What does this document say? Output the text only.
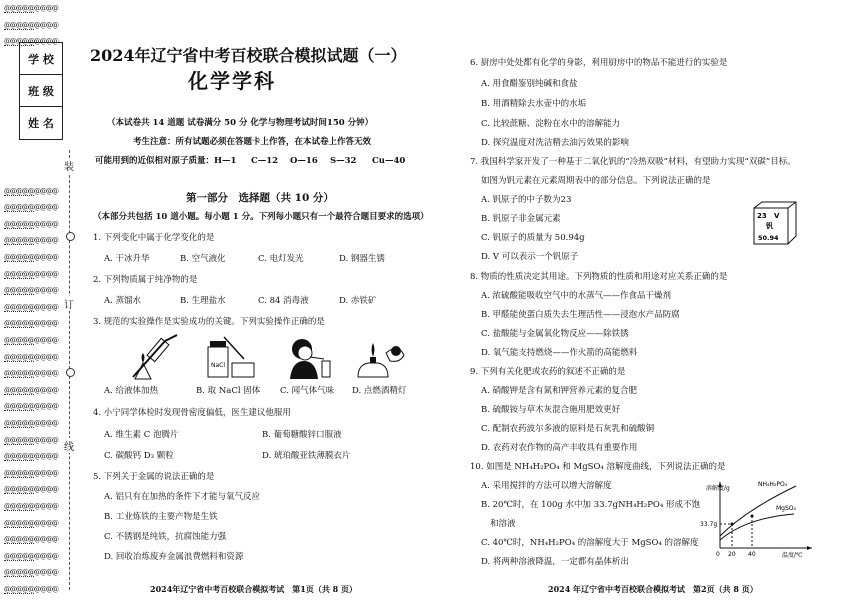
@@@@@@@@@
@@@@@@@@@
@@@@@@@@@
@@@@@@@@@
@@@@@@@@@
@@@@@@@@@
@@@@@@@@@
@@@@@@@@@
@@@@@@@@@
@@@@@@@@@
@@@@@@@@@
@@@@@@@@@
@@@@@@@@@
@@@@@@@@@
@@@@@@@@@
@@@@@@@@@
@@@@@@@@@
@@@@@@@@@
@@@@@@@@@
@@@@@@@@@
@@@@@@@@@
@@@@@@@@@
@@@@@@@@@
@@@@@@@@@
@@@@@@@@@
@@@@@@@@@
@@@@@@@@@
@@@@@@@@@
学 校
班 级
姓 名
装
订
线
2024年辽宁省中考百校联合模拟试题（一）
化学学科
（本试卷共 14 道题 试卷满分 50 分 化学与物理考试时间150 分钟）
考生注意：所有试题必须在答题卡上作答，在本试卷上作答无效
可能用到的近似相对原子质量：H—1 C—12 O—16 S—32 Cu—40
第一部分　选择题（共 10 分）
（本部分共包括 10 道小题。每小题 1 分。下列每小题只有一个最符合题目要求的选项）
1. 下列变化中属于化学变化的是
A. 干冰升华	B. 空气液化	C. 电灯发光	D. 钢器生锈
2. 下列物质属于纯净物的是
A. 蒸馏水	B. 生理盐水	C. 84 消毒液	D. 赤铁矿
3. 规范的实验操作是实验成功的关键。下列实验操作正确的是
NaCl
A. 给液体加热	B. 取 NaCl 固体 C. 闻气体气味 D. 点燃酒精灯
4. 小宁同学体检时发现骨密度偏低，医生建议他服用
A. 维生素 C 泡腾片	B. 葡萄糖酸锌口服液
C. 碳酸钙 D₃ 颗粒	D. 琥珀酸亚铁薄膜衣片
5. 下列关于金属的说法正确的是
A. 铝只有在加热的条件下才能与氧气反应
B. 工业炼铁的主要产物是生铁
C. 不锈钢是纯铁，抗腐蚀能力强
D. 回收冶炼废弃金属浪费燃料和资源
2024年辽宁省中考百校联合模拟考试　第1页（共 8 页）
6. 厨房中处处都有化学的身影，利用厨房中的物品不能进行的实验是
A. 用食醋鉴别纯碱和食盐
B. 用酒精除去水壶中的水垢
C. 比较蔗糖、淀粉在水中的溶解能力
D. 探究温度对洗洁精去油污效果的影响
7. 我国科学家开发了一种基于二氧化钒的“冷热双吸”材料，有望助力实现“双碳”目标。
如图为钒元素在元素周期表中的部分信息。下列说法正确的是
A. 钒原子的中子数为23
B. 钒原子非金属元素
C. 钒原子的质量为 50.94g
D. V 可以表示一个钒原子
23 V
钒
50.94
8. 物质的性质决定其用途。下列物质的性质和用途对应关系正确的是
A. 浓硫酸能吸收空气中的水蒸气——作食品干燥剂
B. 甲醛能使蛋白质失去生理活性——浸泡水产品防腐
C. 盐酸能与金属氧化物反应——除铁锈
D. 氧气能支持燃烧——作火箭的高能燃料
9. 下列有关化肥或农药的叙述不正确的是
A. 硝酸钾是含有氮和钾营养元素的复合肥
B. 硫酸铵与草木灰混合施用肥效更好
C. 配制农药波尔多液的原料是石灰乳和硫酸铜
D. 农药对农作物的高产丰收具有重要作用
10. 如图是 NH₄H₂PO₄ 和 MgSO₄ 溶解度曲线，下列说法正确的是
A. 采用搅拌的方法可以增大溶解度
B. 20℃时，在 100g 水中加 33.7gNH₄H₂PO₄ 形成不饱
和溶液
C. 40℃时，NH₄H₂PO₄ 的溶解度大于 MgSO₄ 的溶解度
D. 将两种溶液降温，一定都有晶体析出
溶解度/g
温度/℃
33.7g
20 40
0
NH₄H₂PO₄
MgSO₄
2024 年辽宁省中考百校联合模拟考试　第2页（共 8 页）
